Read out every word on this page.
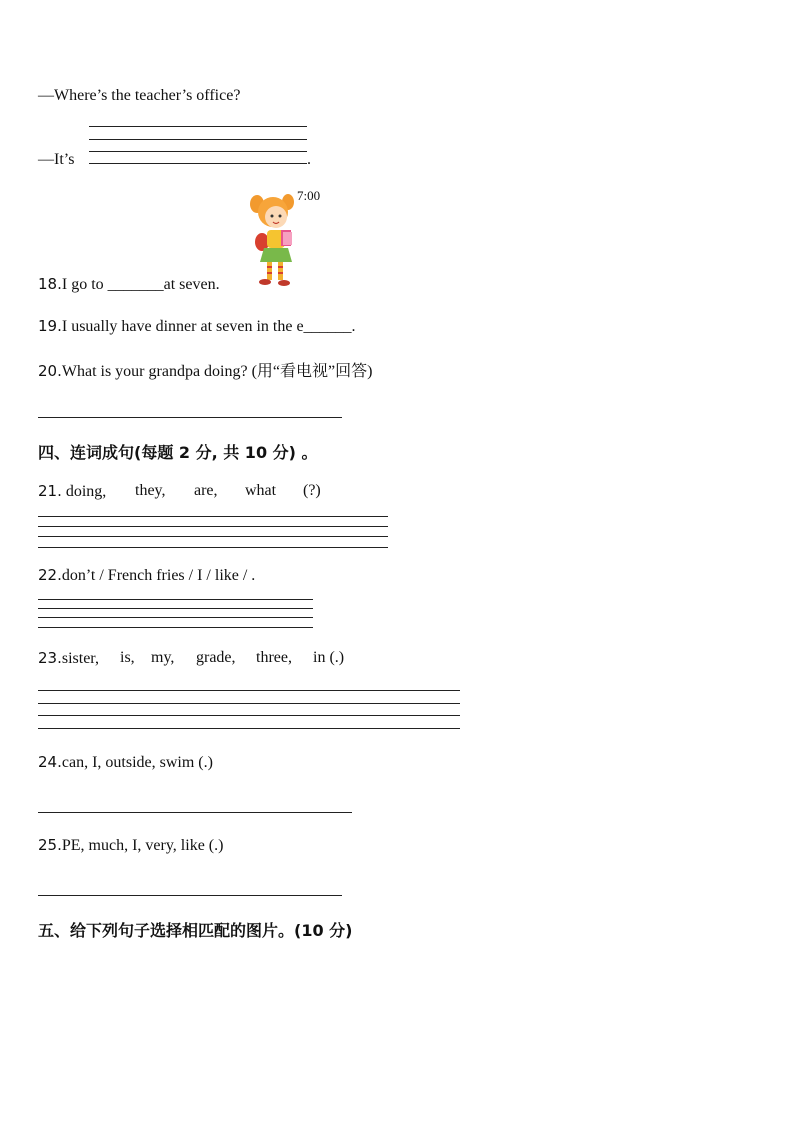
—Where’s the teacher’s office?
—It’s	.
7:00
18.I go to _______at seven.
19.I usually have dinner at seven in the e______.
20.What is your grandpa doing? (用“看电视”回答)
四、连词成句(每题 2 分, 共 10 分) 。
21. doing, they, are, what (?)
22.don’t / French fries / I / like / .
23.sister, is, my, grade, three, in (.)
24.can, I, outside, swim (.)
25.PE, much, I, very, like (.)
五、给下列句子选择相匹配的图片。(10 分)
